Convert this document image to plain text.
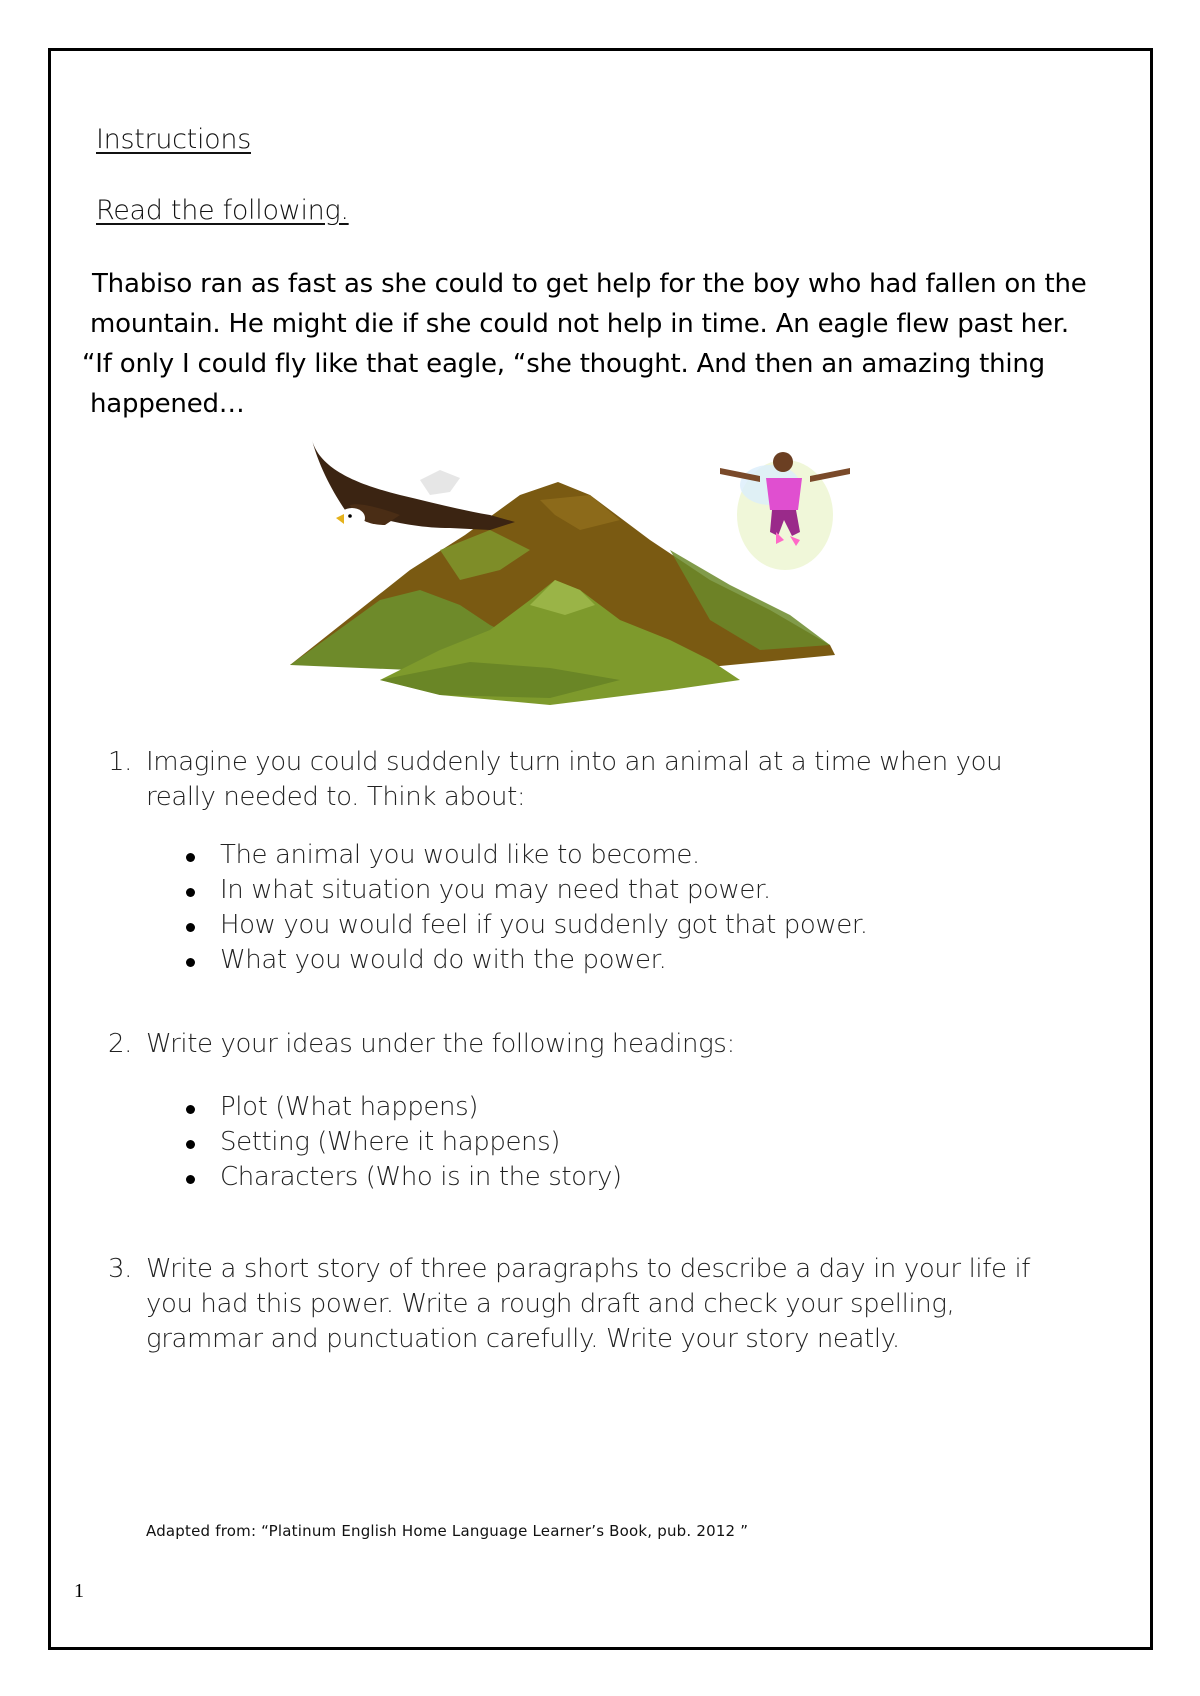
Instructions
Read the following.
Thabiso ran as fast as she could to get help for the boy who had fallen on the
mountain. He might die if she could not help in time. An eagle flew past her.
“If only I could fly like that eagle, “she thought. And then an amazing thing
happened…
1. Imagine you could suddenly turn into an animal at a time when you
really needed to. Think about:
The animal you would like to become.
In what situation you may need that power.
How you would feel if you suddenly got that power.
What you would do with the power.
2. Write your ideas under the following headings:
Plot (What happens)
Setting (Where it happens)
Characters (Who is in the story)
3. Write a short story of three paragraphs to describe a day in your life if
you had this power. Write a rough draft and check your spelling,
grammar and punctuation carefully. Write your story neatly.
Adapted from: “Platinum English Home Language Learner’s Book, pub. 2012 ”
1
